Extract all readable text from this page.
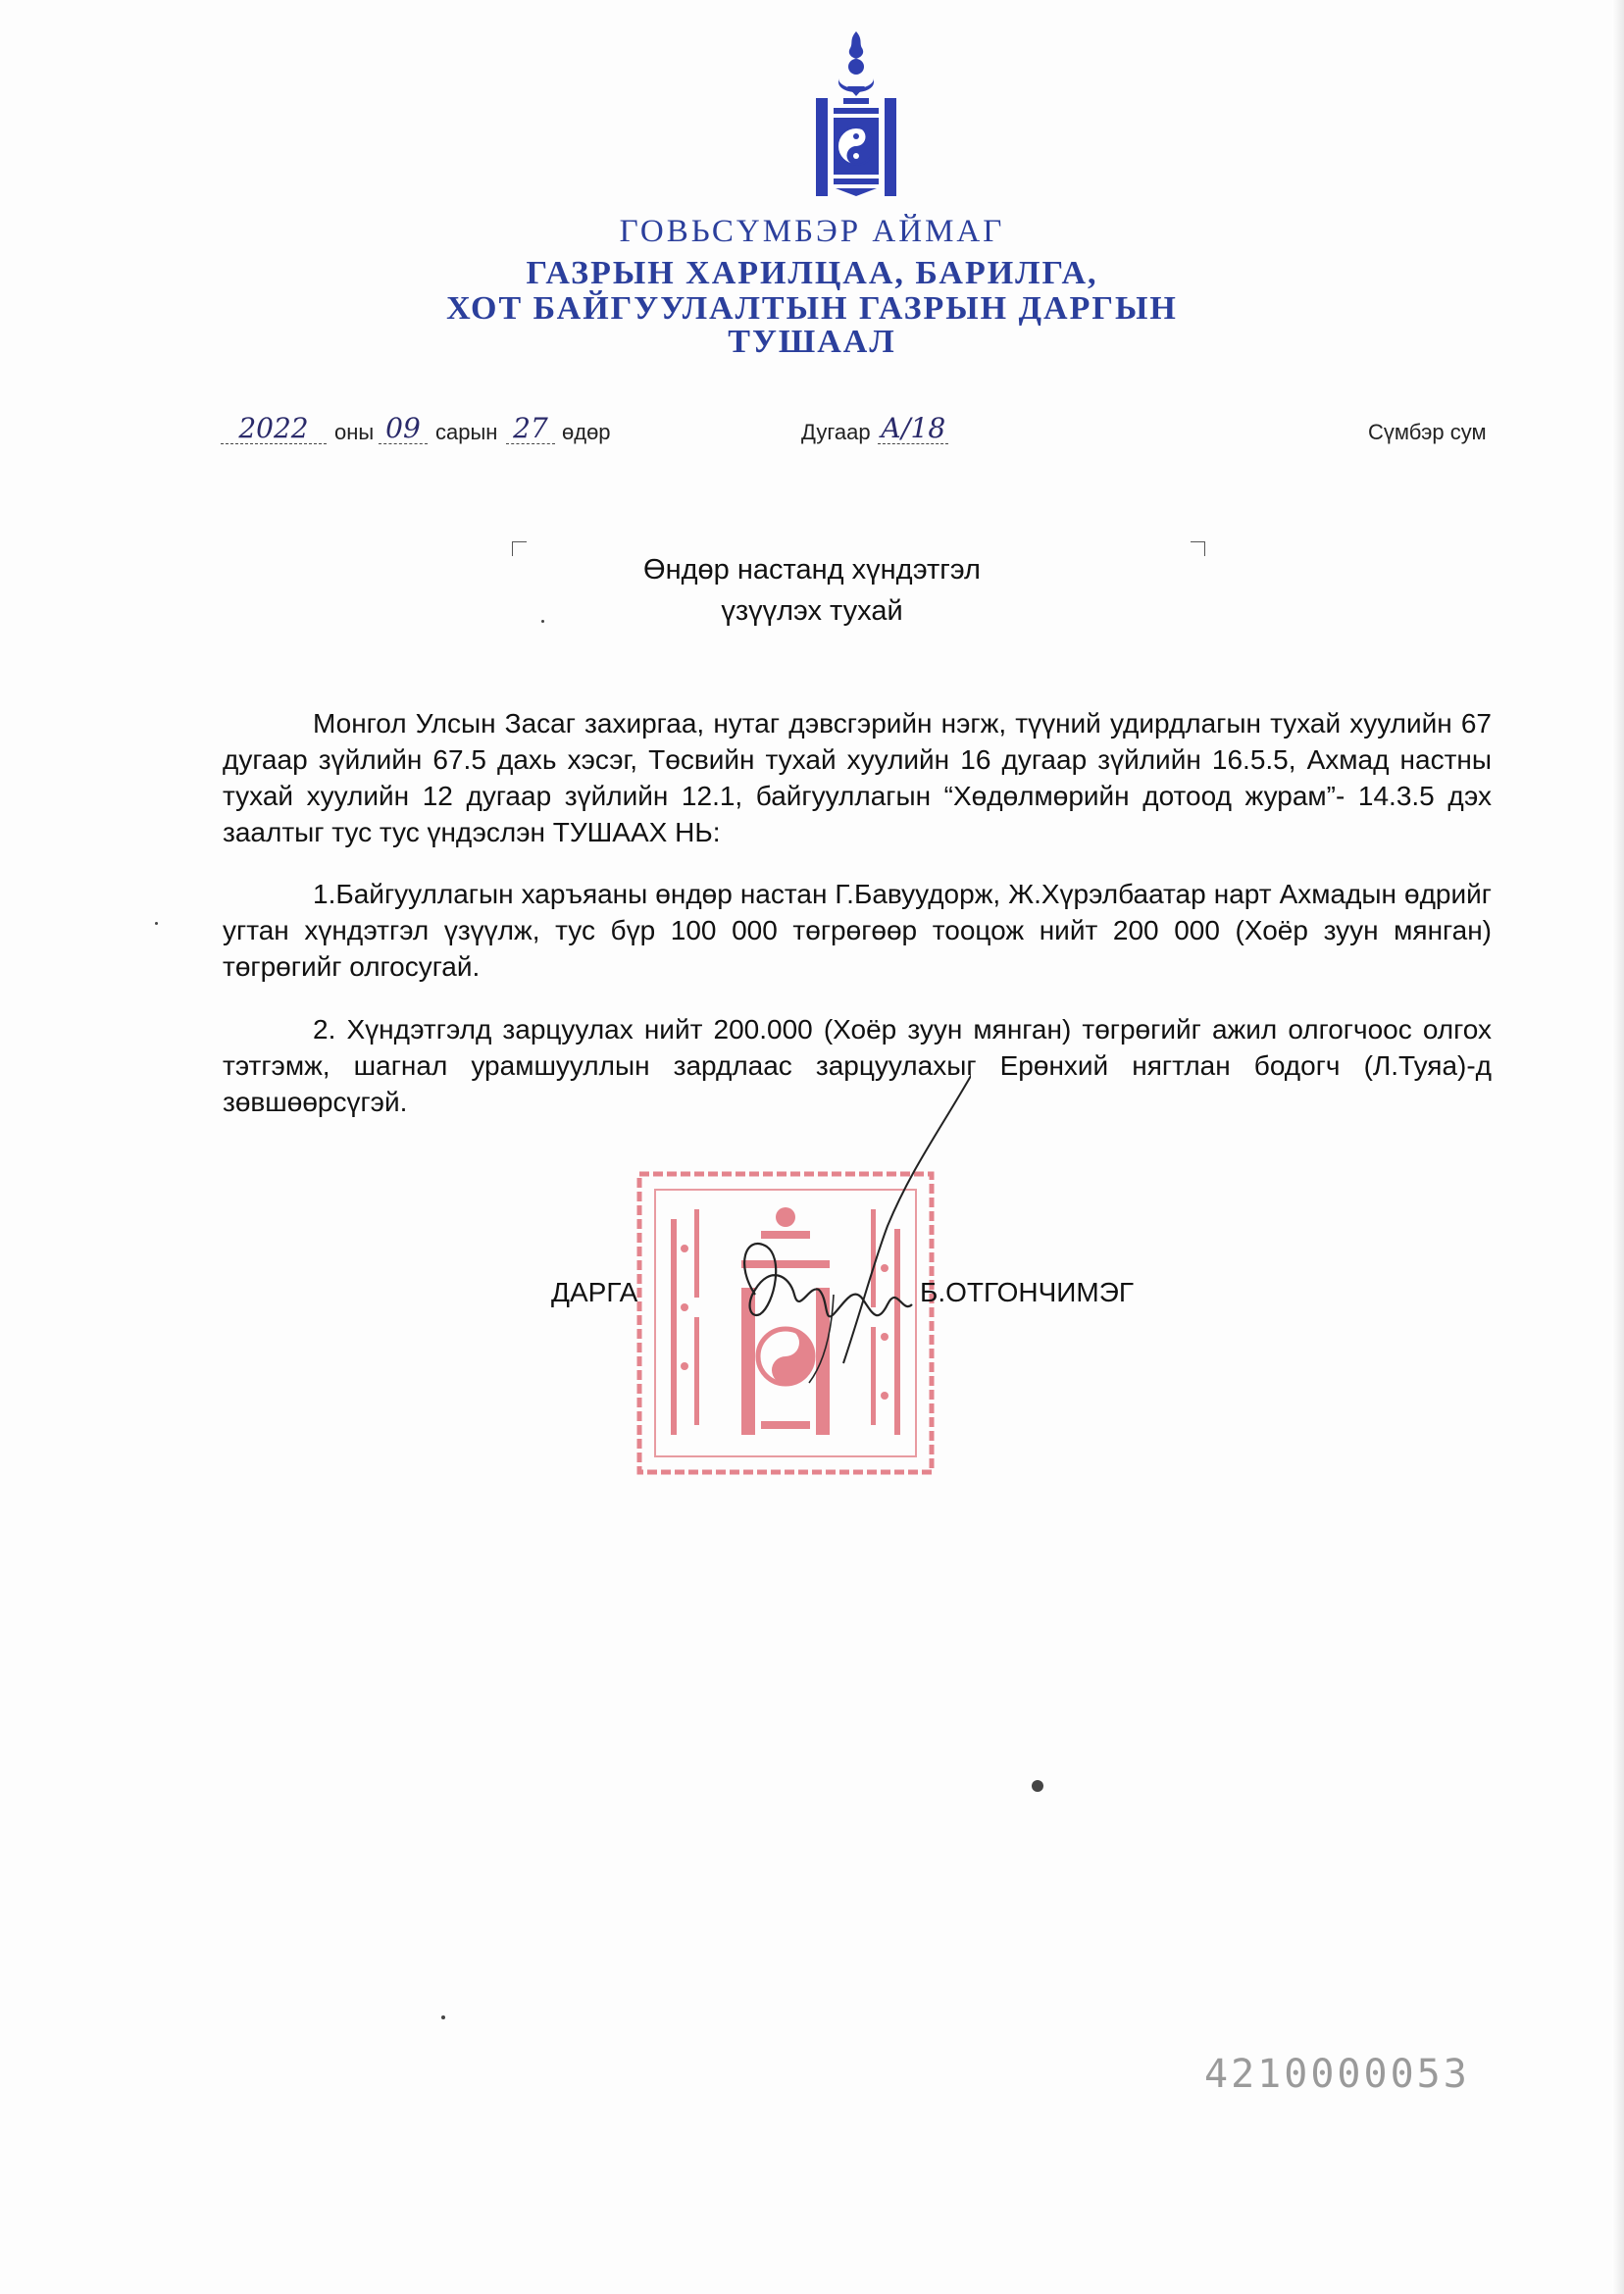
ГОВЬСҮМБЭР АЙМАГ
ГАЗРЫН ХАРИЛЦАА, БАРИЛГА,
ХОТ БАЙГУУЛАЛТЫН ГАЗРЫН ДАРГЫН
ТУШААЛ
2022	оны 09 сарын 27 өдөр	Дугаар А/18	Сүмбэр сум
Өндөр настанд хүндэтгэл
үзүүлэх тухай
Монгол Улсын Засаг захиргаа, нутаг дэвсгэрийн нэгж, түүний удирдлагын тухай хуулийн 67 дугаар зүйлийн 67.5 дахь хэсэг, Төсвийн тухай хуулийн 16 дугаар зүйлийн 16.5.5, Ахмад настны тухай хуулийн 12 дугаар зүйлийн 12.1, байгууллагын “Хөдөлмөрийн дотоод журам”- 14.3.5 дэх заалтыг тус тус үндэслэн ТУШААХ НЬ:
1.Байгууллагын харъяаны өндөр настан Г.Бавуудорж, Ж.Хүрэлбаатар нарт Ахмадын өдрийг угтан хүндэтгэл үзүүлж, тус бүр 100 000 төгрөгөөр тооцож нийт 200 000 (Хоёр зуун мянган) төгрөгийг олгосугай.
2. Хүндэтгэлд зарцуулах нийт 200.000 (Хоёр зуун мянган) төгрөгийг ажил олгогчоос олгох тэтгэмж, шагнал урамшууллын зардлаас зарцуулахыг Ерөнхий нягтлан бодогч (Л.Туяа)-д зөвшөөрсүгэй.
ДАРГА	Б.ОТГОНЧИМЭГ
4210000053
